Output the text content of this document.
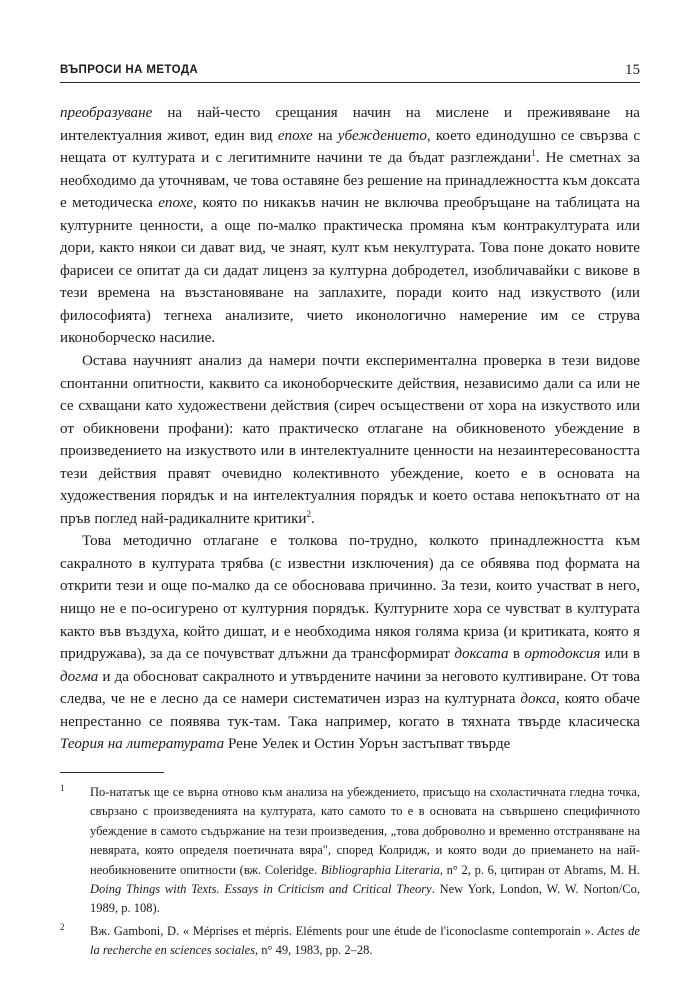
ВЪПРОСИ НА МЕТОДА	15

преобразуване на най-често срещания начин на мислене и преживяване на интелектуалния живот, един вид епохе на убеждението, което единодушно се свързва с нещата от културата и с легитимните начини те да бъдат разглеждани$^1$. Не сметнах за необходимо да уточнявам, че това оставяне без решение на принадлежността към доксата е методическа епохе, която по никакъв начин не включва преобръщане на таблицата на културните ценности, а още по-малко практическа промяна към контракултурата или дори, както някои си дават вид, че знаят, култ към некултурата. Това поне докато новите фарисеи се опитат да си дадат лиценз за културна добродетел, изобличавайки с викове в тези времена на възстановяване на заплахите, поради които над изкуството (или философията) тегнеха анализите, чието иконологично намерение им се струва иконоборческо насилие.

Остава научният анализ да намери почти експериментална проверка в тези видове спонтанни опитности, каквито са иконоборческите действия, независимо дали са или не се схващани като художествени действия (сиреч осъществени от хора на изкуството или от обикновени профани): като практическо отлагане на обикновеното убеждение в произведението на изкуството или в интелектуалните ценности на незаинтересоваността тези действия правят очевидно колективното убеждение, което е в основата на художествения порядък и на интелектуалния порядък и което остава непокътнато от на пръв поглед най-радикалните критики$^2$.

Това методично отлагане е толкова по-трудно, колкото принадлежността към сакралното в културата трябва (с известни изключения) да се обявява под формата на открити тези и още по-малко да се обосновава причинно. За тези, които участват в него, нищо не е по-осигурено от културния порядък. Културните хора се чувстват в културата както във въздуха, който дишат, и е необходима някоя голяма криза (и критиката, която я придружава), за да се почувстват длъжни да трансформират доксата в ортодоксия или в догма и да обосноват сакралното и утвърдените начини за неговото култивиране. От това следва, че не е лесно да се намери систематичен израз на културната докса, която обаче непрестанно се появява тук-там. Така например, когато в тяхната твърде класическа Теория на литературата Рене Уелек и Остин Уорън застъпват твърде

1 По-нататък ще се върна отново към анализа на убеждението, присъщо на схоластичната гледна точка, свързано с произведенията на културата, като самото то е в основата на съвършено специфичното убеждение в самото съдържание на тези произведения, „това доброволно и временно отстраняване на невярата, която определя поетичната вяра", според Колридж, и която води до приемането на най-необикновените опитности (вж. Coleridge. Bibliographia Literaria, n° 2, p. 6, цитиран от Abrams, M. H. Doing Things with Texts. Essays in Criticism and Critical Theory. New York, London, W. W. Norton/Co, 1989, p. 108).
2 Вж. Gamboni, D. « Méprises et mépris. Eléments pour une étude de l'iconoclasme contemporain ». Actes de la recherche en sciences sociales, n° 49, 1983, pp. 2–28.
